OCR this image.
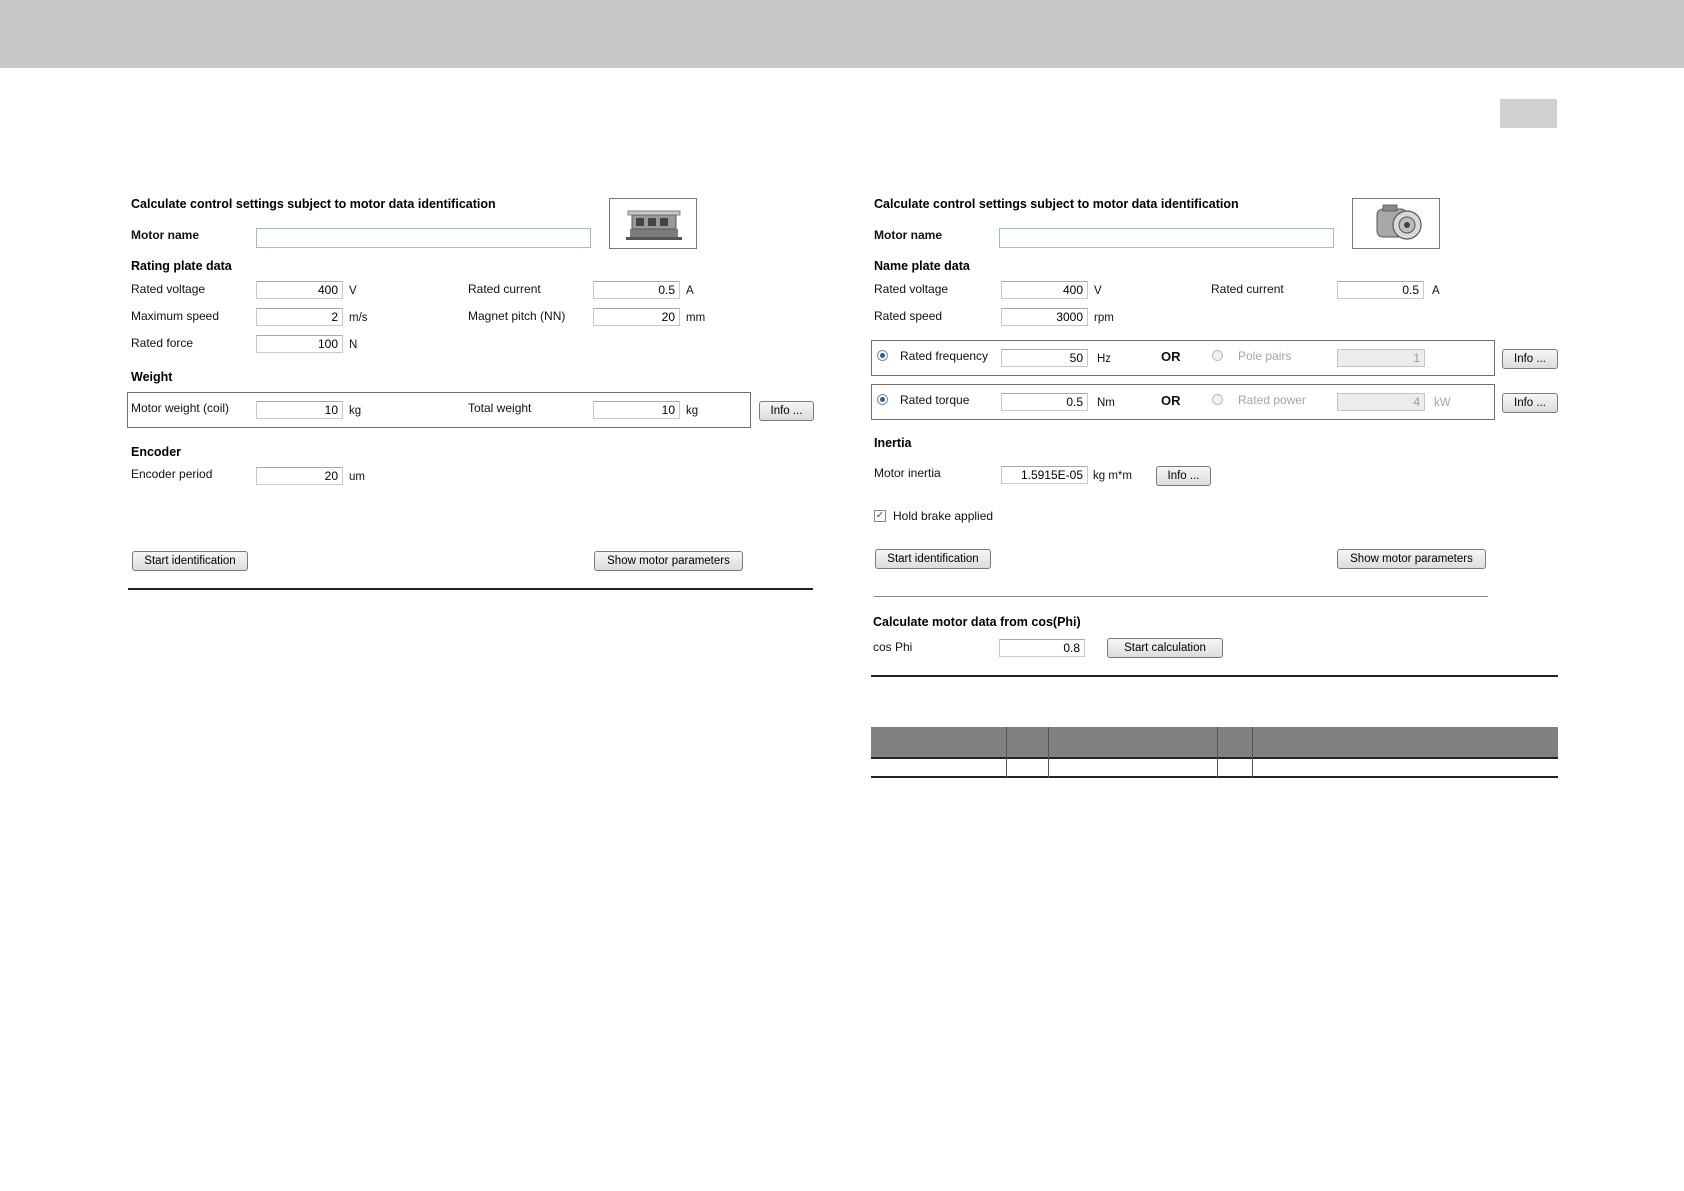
Calculate control settings subject to motor data identification
Motor name
Rating plate data
Rated voltage	400 V	Rated current	0.5 A
Maximum speed	2 m/s	Magnet pitch (NN)	20 mm
Rated force	100 N
Weight
Motor weight (coil)	10 kg	Total weight	10 kg	Info ...
Encoder
Encoder period	20 um
Start identification	Show motor parameters
Calculate control settings subject to motor data identification
Motor name
Name plate data
Rated voltage	400 V	Rated current	0.5	A
Rated speed	3000 rpm
Rated frequency	50	Hz	OR	Pole pairs	1	Info ...
Rated torque	0.5	Nm	OR	Rated power	4	kW	Info ...
Inertia
Motor inertia	1.5915E-05 kg m*m	Info ...
✓ Hold brake applied
Start identification	Show motor parameters
Calculate motor data from cos(Phi)
cos Phi	0.8	Start calculation
